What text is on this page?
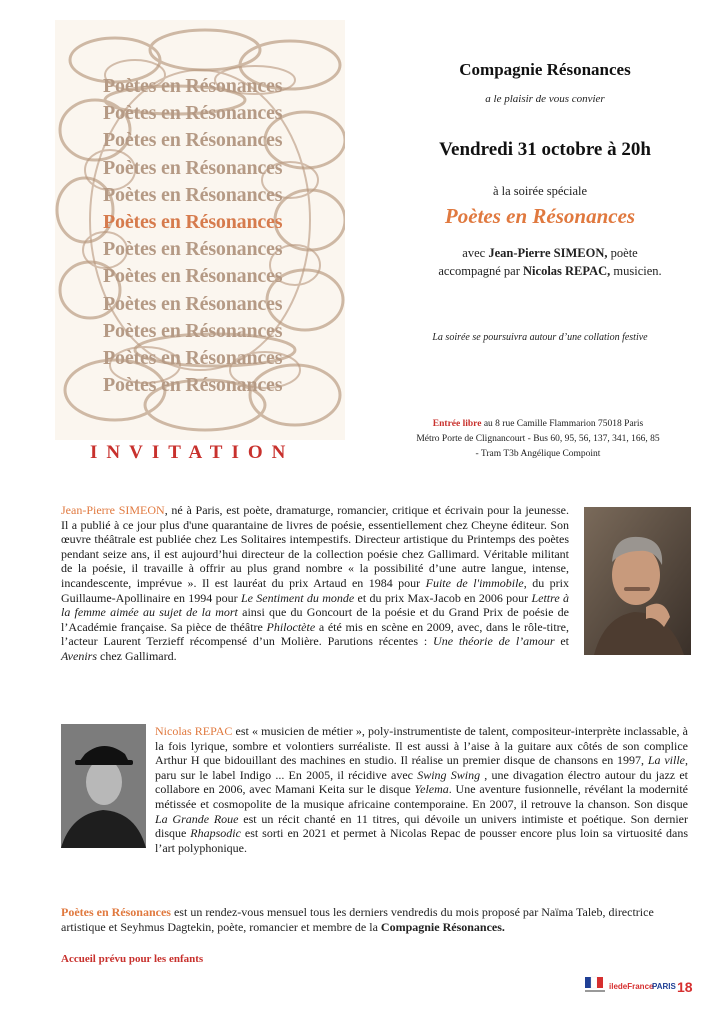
Poètes en Résonances
Poètes en Résonances
Poètes en Résonances
Poètes en Résonances
Poètes en Résonances
Poètes en Résonances
Poètes en Résonances
Poètes en Résonances
Poètes en Résonances
Poètes en Résonances
Poètes en Résonances
Poètes en Résonances
INVITATION
Compagnie Résonances
a le plaisir de vous convier
Vendredi 31 octobre à 20h
à la soirée spéciale
Poètes en Résonances
avec Jean-Pierre SIMEON, poète
accompagné par Nicolas REPAC, musicien.
La soirée se poursuivra autour d’une collation festive
Entrée libre au 8 rue Camille Flammarion 75018 Paris
Métro Porte de Clignancourt - Bus 60, 95, 56, 137, 341, 166, 85
- Tram T3b Angélique Compoint
Jean-Pierre SIMEON, né à Paris, est poète, dramaturge, romancier, critique et écrivain pour la jeunesse. Il a publié à ce jour plus d'une quarantaine de livres de poésie, essentiellement chez Cheyne éditeur. Son œuvre théâtrale est publiée chez Les Solitaires intempestifs. Directeur artistique du Printemps des poètes pendant seize ans, il est aujourd’hui directeur de la collection poésie chez Gallimard. Véritable militant de la poésie, il travaille à offrir au plus grand nombre « la possibilité d’une autre langue, intense, incandescente, imprévue ». Il est lauréat du prix Artaud en 1984 pour Fuite de l'immobile, du prix Guillaume-Apollinaire en 1994 pour Le Sentiment du monde et du prix Max-Jacob en 2006 pour Lettre à la femme aimée au sujet de la mort ainsi que du Goncourt de la poésie et du Grand Prix de poésie de l’Académie française. Sa pièce de théâtre Philoctète a été mis en scène en 2009, avec, dans le rôle-titre, l’acteur Laurent Terzieff récompensé d’un Molière. Parutions récentes : Une théorie de l’amour et Avenirs chez Gallimard.
Nicolas REPAC est « musicien de métier », poly-instrumentiste de talent, compositeur-interprète inclassable, à la fois lyrique, sombre et volontiers surréaliste. Il est aussi à l’aise à la guitare aux côtés de son complice Arthur H que bidouillant des machines en studio. Il réalise un premier disque de chansons en 1997, La ville, paru sur le label Indigo ... En 2005, il récidive avec Swing Swing , une divagation électro autour du jazz et collabore en 2006, avec Mamani Keita sur le disque Yelema. Une aventure fusionnelle, révélant la modernité métissée et cosmopolite de la musique africaine contemporaine. En 2007, il retrouve la chanson. Son disque La Grande Roue est un récit chanté en 11 titres, qui dévoile un univers intimiste et poétique. Son dernier disque Rhapsodic est sorti en 2021 et permet à Nicolas Repac de pousser encore plus loin sa virtuosité dans l’art polyphonique.
Poètes en Résonances est un rendez-vous mensuel tous les derniers vendredis du mois proposé par Naïma Taleb, directrice artistique et Seyhmus Dagtekin, poète, romancier et membre de la Compagnie Résonances.
Accueil prévu pour les enfants
iledeFrance
PARIS 18
